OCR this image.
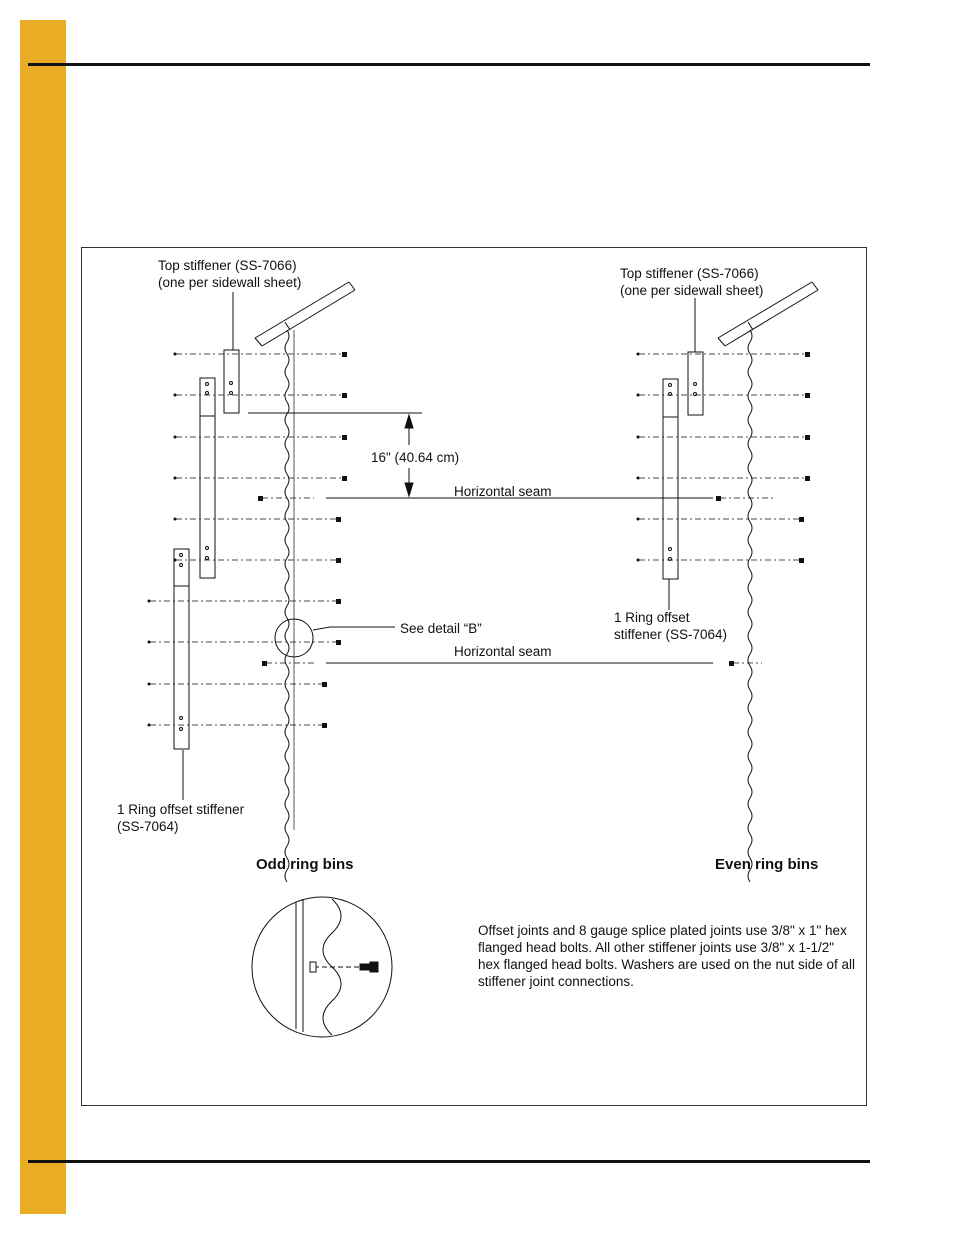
Top stiffener (SS-7066)
(one per sidewall sheet)
Top stiffener (SS-7066)
(one per sidewall sheet)
16" (40.64 cm)
Horizontal seam
Horizontal seam
See detail “B”
1 Ring offset
stiffener (SS-7064)
1 Ring offset stiffener
(SS-7064)
Odd ring bins	Even ring bins
Offset joints and 8 gauge splice plated joints use 3/8" x 1" hex flanged head bolts. All other stiffener joints use 3/8" x 1-1/2" hex flanged head bolts. Washers are used on the nut side of all stiffener joint connections.
